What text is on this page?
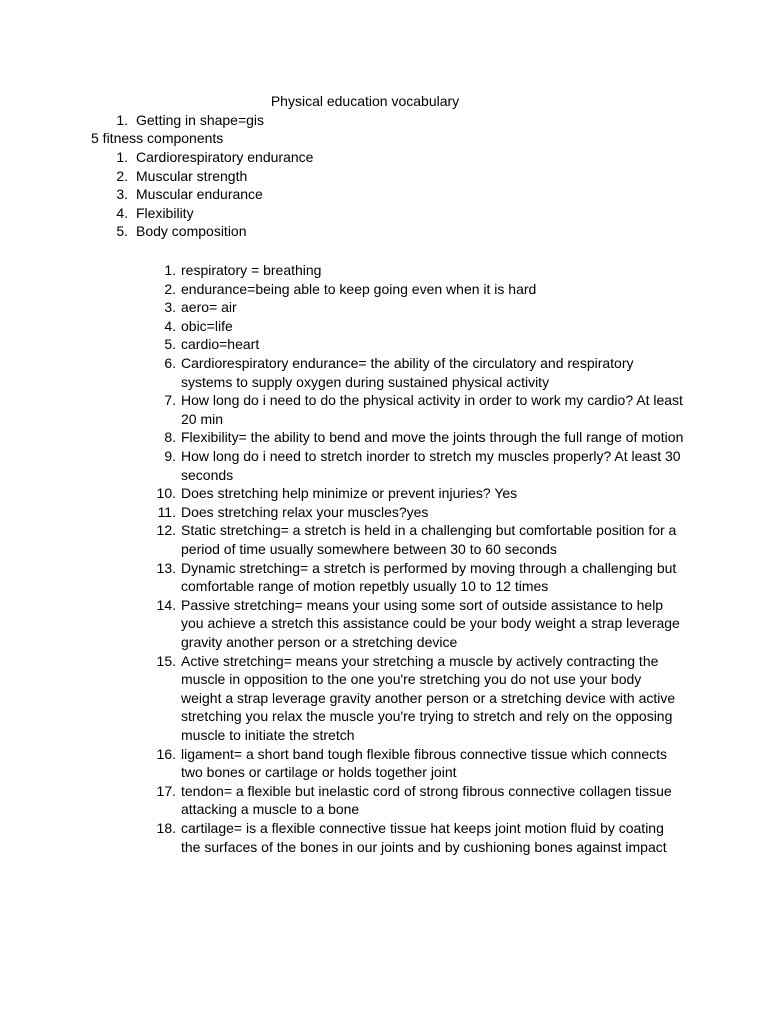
Physical education vocabulary
1. Getting in shape=gis
5 fitness components
1. Cardiorespiratory endurance
2. Muscular strength
3. Muscular endurance
4. Flexibility
5. Body composition
1. respiratory = breathing
2. endurance=being able to keep going even when it is hard
3. aero= air
4. obic=life
5. cardio=heart
6. Cardiorespiratory endurance= the ability of the circulatory and respiratory
systems to supply oxygen during sustained physical activity
7. How long do i need to do the physical activity in order to work my cardio? At least
20 min
8. Flexibility= the ability to bend and move the joints through the full range of motion
9. How long do i need to stretch inorder to stretch my muscles properly? At least 30
seconds
10. Does stretching help minimize or prevent injuries? Yes
11. Does stretching relax your muscles?yes
12. Static stretching= a stretch is held in a challenging but comfortable position for a
period of time usually somewhere between 30 to 60 seconds
13. Dynamic stretching= a stretch is performed by moving through a challenging but
comfortable range of motion repetbly usually 10 to 12 times
14. Passive stretching= means your using some sort of outside assistance to help
you achieve a stretch this assistance could be your body weight a strap leverage
gravity another person or a stretching device
15. Active stretching= means your stretching a muscle by actively contracting the
muscle in opposition to the one you're stretching you do not use your body
weight a strap leverage gravity another person or a stretching device with active
stretching you relax the muscle you're trying to stretch and rely on the opposing
muscle to initiate the stretch
16. ligament= a short band tough flexible fibrous connective tissue which connects
two bones or cartilage or holds together joint
17. tendon= a flexible but inelastic cord of strong fibrous connective collagen tissue
attacking a muscle to a bone
18. cartilage= is a flexible connective tissue hat keeps joint motion fluid by coating
the surfaces of the bones in our joints and by cushioning bones against impact
